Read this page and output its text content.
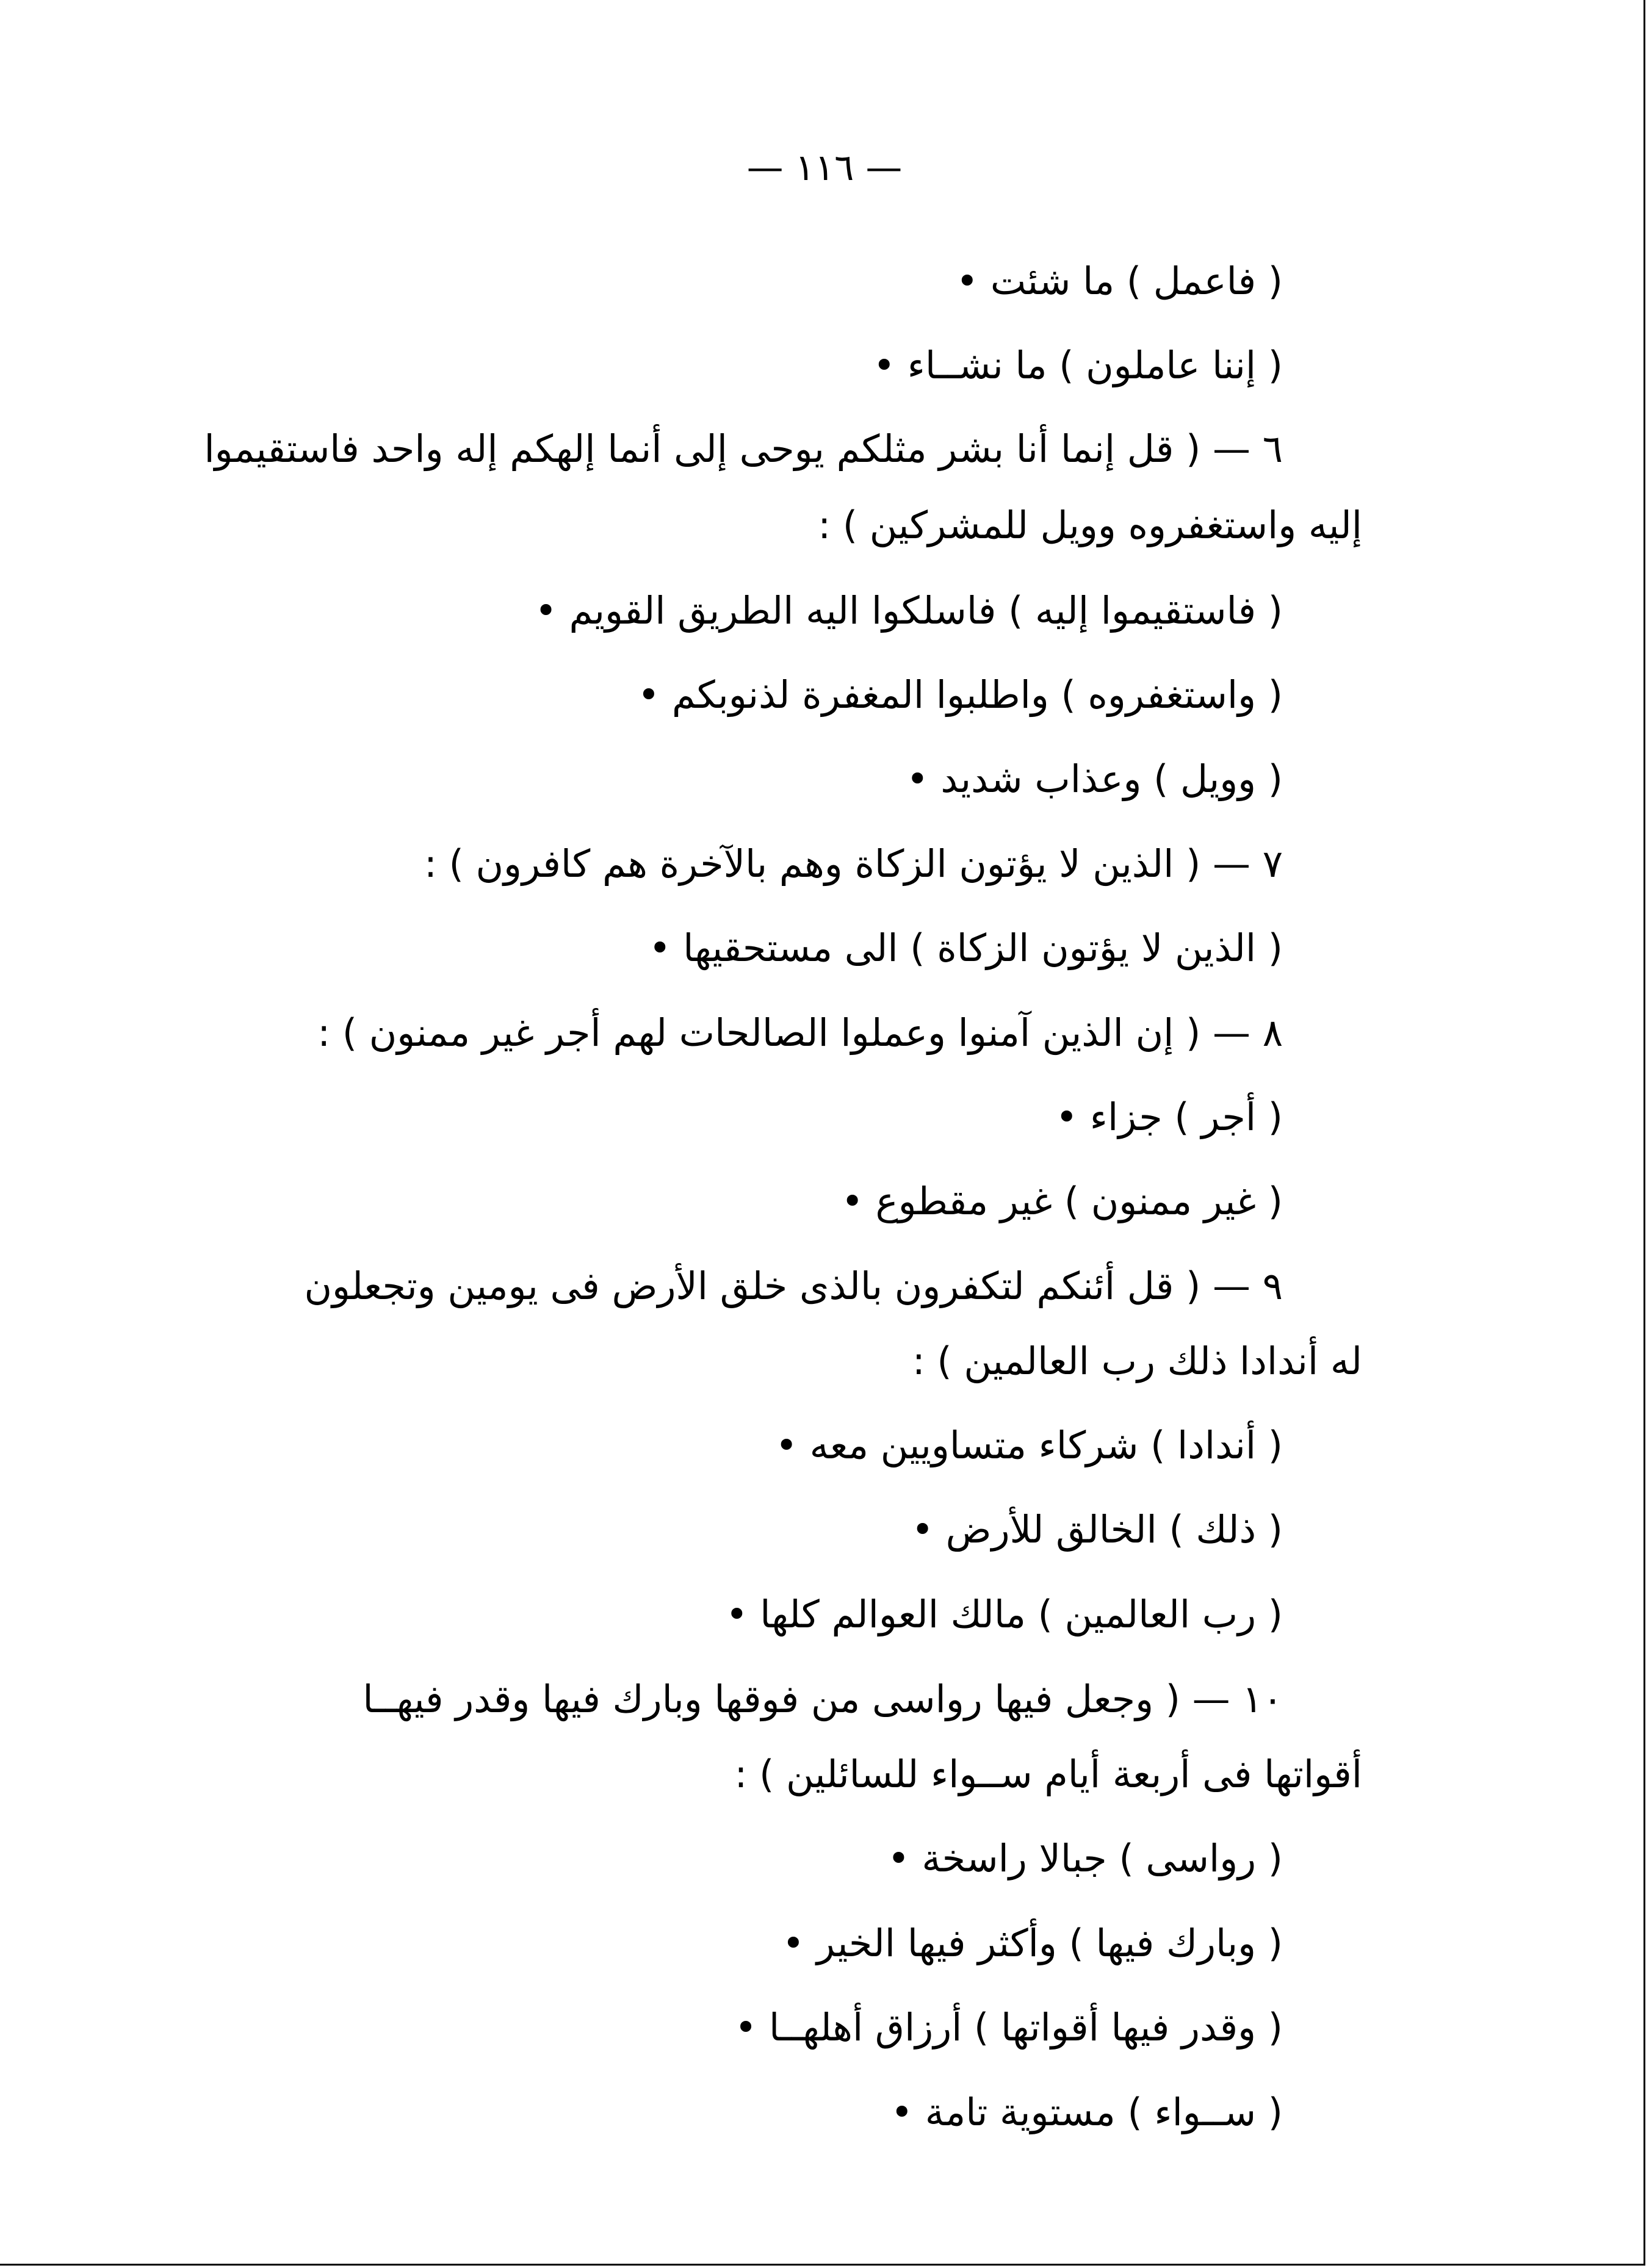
— ١١٦ —
( فاعمل ) ما شئت •
( إننا عاملون ) ما نشــاء •
٦ — ( قل إنما أنا بشر مثلكم يوحى إلى أنما إلهكم إله واحد فاستقيموا
إليه واستغفروه وويل للمشركين ) :
( فاستقيموا إليه ) فاسلكوا اليه الطريق القويم •
( واستغفروه ) واطلبوا المغفرة لذنوبكم •
( وويل ) وعذاب شديد •
٧ — ( الذين لا يؤتون الزكاة وهم بالآخرة هم كافرون ) :
( الذين لا يؤتون الزكاة ) الى مستحقيها •
٨ — ( إن الذين آمنوا وعملوا الصالحات لهم أجر غير ممنون ) :
( أجر ) جزاء •
( غير ممنون ) غير مقطوع •
٩ — ( قل أئنكم لتكفرون بالذى خلق الأرض فى يومين وتجعلون
له أندادا ذلك رب العالمين ) :
( أندادا ) شركاء متساويين معه •
( ذلك ) الخالق للأرض •
( رب العالمين ) مالك العوالم كلها •
١٠ — ( وجعل فيها رواسى من فوقها وبارك فيها وقدر فيهــا
أقواتها فى أربعة أيام ســواء للسائلين ) :
( رواسى ) جبالا راسخة •
( وبارك فيها ) وأكثر فيها الخير •
( وقدر فيها أقواتها ) أرزاق أهلهــا •
( ســواء ) مستوية تامة •
